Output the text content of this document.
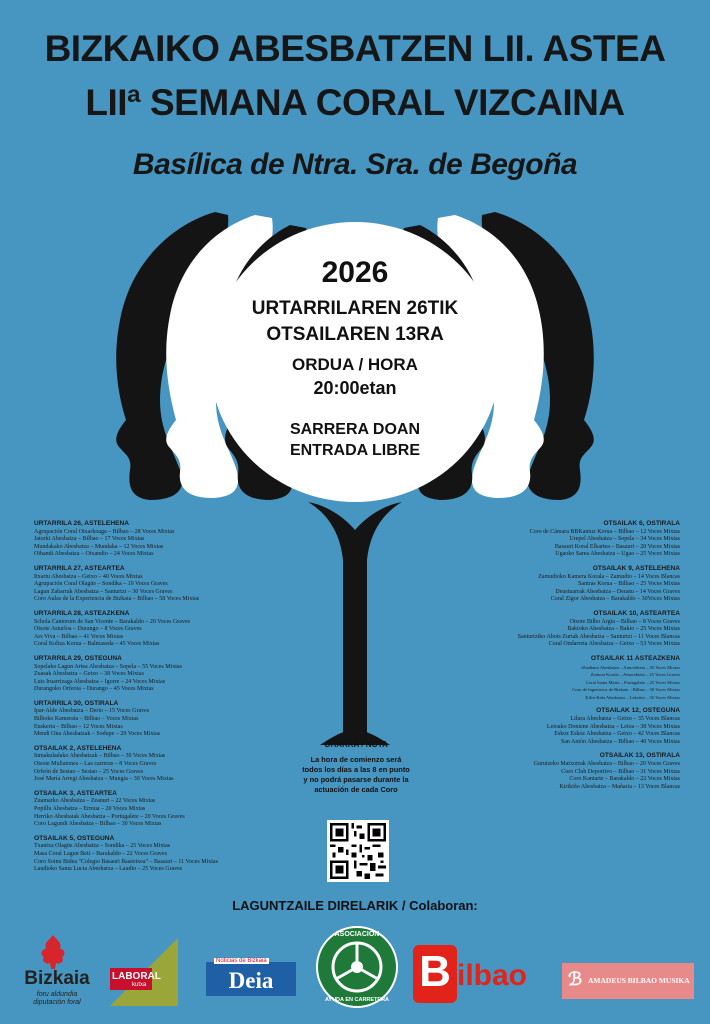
BIZKAIKO ABESBATZEN LII. ASTEA
LIIª SEMANA CORAL VIZCAINA
Basílica de Ntra. Sra. de Begoña
2026
URTARRILAREN 26TIK
OTSAILAREN 13RA
ORDUA / HORA
20:00etan
SARRERA DOAN
ENTRADA LIBRE
URTARRILA 26, ASTELEHENA
Agrupación Coral Otxarkoaga – Bilbao – 28 Voces Mixtas
Jatorki Abesbatza – Bilbao – 17 Voces Mixtas
Mundakako Abesbatza – Mundaka – 12 Voces Mixtas
Oihandi Abesbatza – Otxandio – 24 Voces Mixtas
URTARRILA 27, ASTEARTEA
Itxartu Abesbatza – Getxo – 40 Voces Mixtas
Agrupación Coral Olagüe – Sondika – 19 Voces Graves
Lagun Zaharrak Abesbatza – Santurtzi – 30 Voces Graves
Coro Aulas de la Experiencia de Bizkaia – Bilbao – 58 Voces Mixtas
URTARRILA 28, ASTEAZKENA
Schola Cantorum de San Vicente – Barakaldo – 20 Voces Graves
Otsote Asturloa – Durango – 8 Voces Graves
Ars Viva – Bilbao – 41 Voces Mixtas
Coral Koliza Korua – Balmaseda – 45 Voces Mixtas
URTARRILA 29, OSTEGUNA
Sopelako Lagun Artea Abesbatza – Sopela – 55 Voces Mixtas
Zuasak Abesbatza – Getxo – 38 Voces Mixtas
Luis Iruarrizaga Abesbatza – Igorre – 24 Voces Mixtas
Durangoko Orfeoia – Durango – 45 Voces Mixtas
URTARRILA 30, OSTIRALA
Ipar-Alde Abesbatza – Derio – 15 Voces Graves
Bilboko Kamerata – Bilbao – Voces Mixtas
Euskeria – Bilbao – 12 Voces Mixtas
Mendi Ona Abesbatzak – Sodupe – 29 Voces Mixtas
OTSAILAK 2, ASTELEHENA
Inmakuladako Abesbatzak – Bilbao – 30 Voces Mixtas
Otsote Muliatones – Las carreras – 8 Voces Graves
Orfeón de Sestao – Sestao – 25 Voces Graves
José María Arregi Abesbatza – Mungia – 30 Voces Mixtas
OTSAILAK 3, ASTEARTEA
Zuamarko Abesbatza – Zeanuri – 22 Voces Mixtas
Popillu Abesbatza – Ermua – 20 Voces Mixtas
Herriko Abesbatak Abesbatza – Portugalete – 20 Voces Graves
Coro Lagundi Abesbatza – Bilbao – 30 Voces Mixtas
OTSAILAK 5, OSTEGUNA
Txantxa Olagüe Abesbatza – Sondika – 25 Voces Mixtas
Masa Coral Lagun Beti – Barakaldo – 22 Voces Graves
Coro Soinu Bidea "Colegio Basauri Ikastetxea" – Basauri – 11 Voces Mixtas
Laudioko Santa Lucia Abesbatza – Laudio – 25 Voces Graves
OTSAILAK 6, OSTIRALA
Coro de Cámara BBKantuz Korua – Bilbao – 12 Voces Mixtas
Urepel Abesbatza – Sopela – 34 Voces Mixtas
Basauri Koral Elkartea – Basauri – 20 Voces Mixtas
Ugaoko Sarea Abesbatza – Ugao – 25 Voces Mixtas
OTSAILAK 9, ASTELEHENA
Zamudioko Kamera Korala – Zamudio – 14 Voces Blancas
Santras Korua – Bilbao – 25 Voces Mixtas
Deustuarrak Abesbatza – Deustu – 14 Voces Graves
Coral Zigor Abesbatza – Barakaldo – 30Voces Mixtas
OTSAILAK 10, ASTEARTEA
Otsote Bilbo Argia – Bilbao – 8 Voces Graves
Bakioko Abesbatza – Bakio – 25 Voces Mixtas
Santurtziko Abots Zuriak Abesbatza – Santurtzi – 11 Voces Blancas
Coral Ondarreta Abesbatza – Getxo – 53 Voces Mixtas
OTSAILAK 11 ASTEAZKENA
Abadiano Abesbatza – Amorebieta – 35 Voces Mixtas
Zamora Korala – Amorebieta – 25 Voces Graves
Coral Santa María – Portugalete – 25 Voces Mixtas
Coro de Ingenieros de Bizkaia – Bilbao – 30 Voces Mixtas
Kilin-Kala Abesbatza – Lekeitio – 35 Voces Mixtas
OTSAILAK 12, OSTEGUNA
Lilura Abesbatza – Getxo – 35 Voces Blancas
Leioako Doniene Abesbatza – Leioa – 38 Voces Mixtas
Eskoz Eskoz Abesbatza – Getxo – 42 Voces Blancas
San Antón Abesbatza – Bilbao – 40 Voces Mixtas
OTSAILAK 13, OSTIRALA
Gurutzeko Matxorrak Abesbatza – Bilbao – 20 Voces Graves
Coro Club Deportivo – Bilbao – 31 Voces Mixtas
Coro Kantarte – Barakaldo – 22 Voces Mixtas
Kirikiño Abesbatza – Mañaria – 13 Voces Blancas
OHARRA / NOTA
La hora de comienzo será todos los días a las 8 en punto y no podrá pasarse durante la actuación de cada Coro
LAGUNTZAILE DIRELARIK / Colaboran:
Bizkaia
foru aldundia
diputación foral
LABORAL
kutxa
Noticias de Bizkaia
Deia
ASOCIACION
AYUDA EN CARRETERA
B ilbao ℬ AMADEUS BILBAO MUSIKA
